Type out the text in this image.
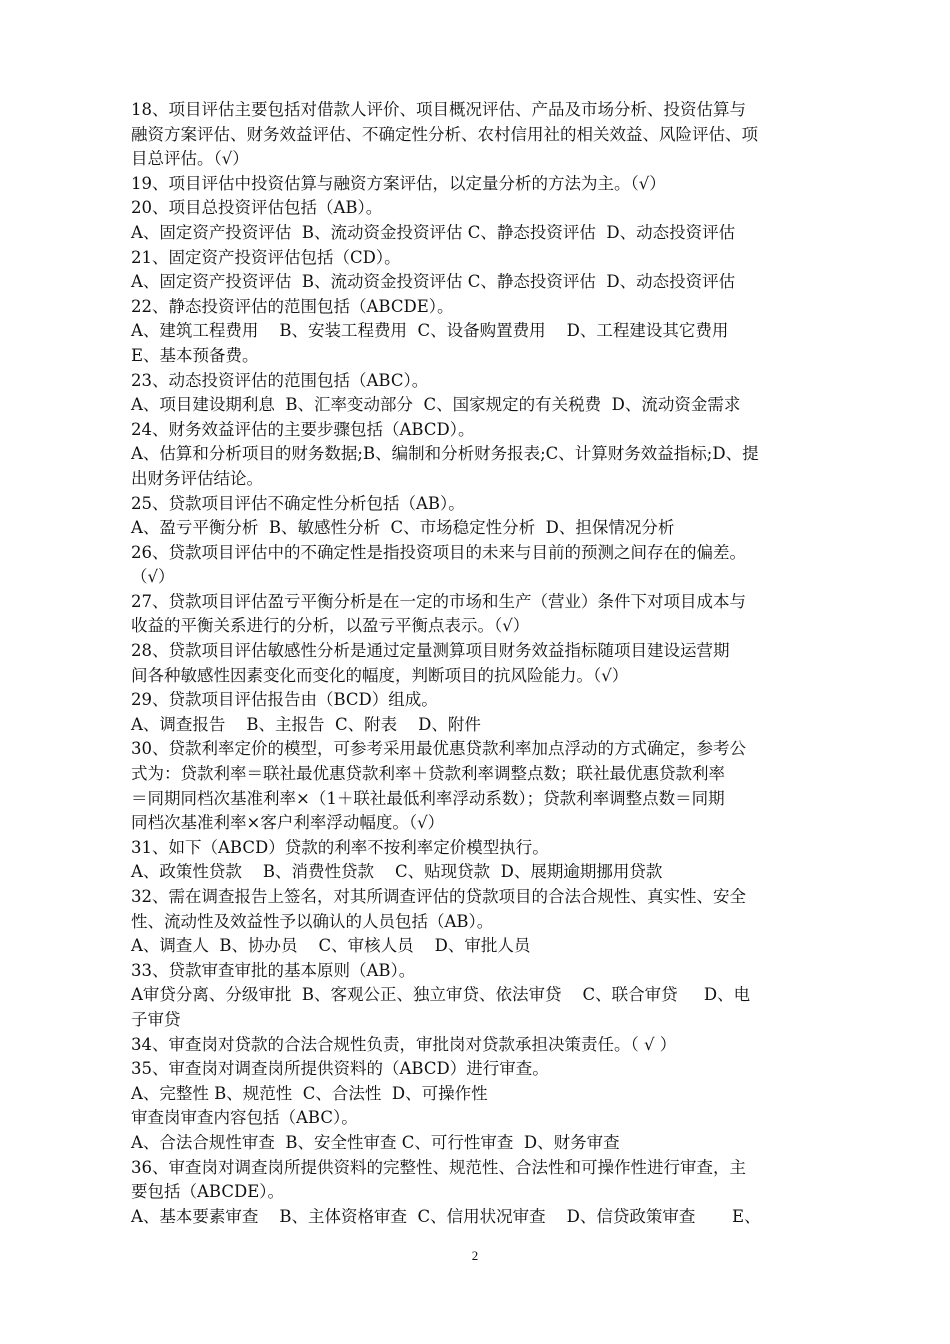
18、项目评估主要包括对借款人评价、项目概况评估、产品及市场分析、投资估算与
融资方案评估、财务效益评估、不确定性分析、农村信用社的相关效益、风险评估、项
目总评估。（√）
19、项目评估中投资估算与融资方案评估，以定量分析的方法为主。（√）
20、项目总投资评估包括（AB）。
A、固定资产投资评估  B、流动资金投资评估 C、静态投资评估  D、动态投资评估
21、固定资产投资评估包括（CD）。
A、固定资产投资评估  B、流动资金投资评估 C、静态投资评估  D、动态投资评估
22、静态投资评估的范围包括（ABCDE）。
A、建筑工程费用    B、安装工程费用  C、设备购置费用    D、工程建设其它费用
E、基本预备费。
23、动态投资评估的范围包括（ABC）。
A、项目建设期利息  B、汇率变动部分  C、国家规定的有关税费  D、流动资金需求
24、财务效益评估的主要步骤包括（ABCD）。
A、估算和分析项目的财务数据;B、编制和分析财务报表;C、计算财务效益指标;D、提
出财务评估结论。
25、贷款项目评估不确定性分析包括（AB）。
A、盈亏平衡分析  B、敏感性分析  C、市场稳定性分析  D、担保情况分析
26、贷款项目评估中的不确定性是指投资项目的未来与目前的预测之间存在的偏差。
（√）
27、贷款项目评估盈亏平衡分析是在一定的市场和生产（营业）条件下对项目成本与
收益的平衡关系进行的分析，以盈亏平衡点表示。（√）
28、贷款项目评估敏感性分析是通过定量测算项目财务效益指标随项目建设运营期
间各种敏感性因素变化而变化的幅度，判断项目的抗风险能力。（√）
29、贷款项目评估报告由（BCD）组成。
A、调查报告    B、主报告  C、附表    D、附件
30、贷款利率定价的模型，可参考采用最优惠贷款利率加点浮动的方式确定，参考公
式为：贷款利率＝联社最优惠贷款利率＋贷款利率调整点数；联社最优惠贷款利率
＝同期同档次基准利率×（1＋联社最低利率浮动系数）；贷款利率调整点数＝同期
同档次基准利率×客户利率浮动幅度。（√）
31、如下（ABCD）贷款的利率不按利率定价模型执行。
A、政策性贷款    B、消费性贷款    C、贴现贷款  D、展期逾期挪用贷款
32、需在调查报告上签名，对其所调查评估的贷款项目的合法合规性、真实性、安全
性、流动性及效益性予以确认的人员包括（AB）。
A、调查人  B、协办员    C、审核人员    D、审批人员
33、贷款审查审批的基本原则（AB）。
A审贷分离、分级审批  B、客观公正、独立审贷、依法审贷    C、联合审贷     D、电
子审贷
34、审查岗对贷款的合法合规性负责，审批岗对贷款承担决策责任。（ √ ）
35、审查岗对调查岗所提供资料的（ABCD）进行审查。
A、完整性 B、规范性  C、合法性  D、可操作性
审查岗审查内容包括（ABC）。
A、合法合规性审查  B、安全性审查 C、可行性审查  D、财务审查
36、审查岗对调查岗所提供资料的完整性、规范性、合法性和可操作性进行审查，主
要包括（ABCDE）。
A、基本要素审查    B、主体资格审查  C、信用状况审查    D、信贷政策审查       E、
2
